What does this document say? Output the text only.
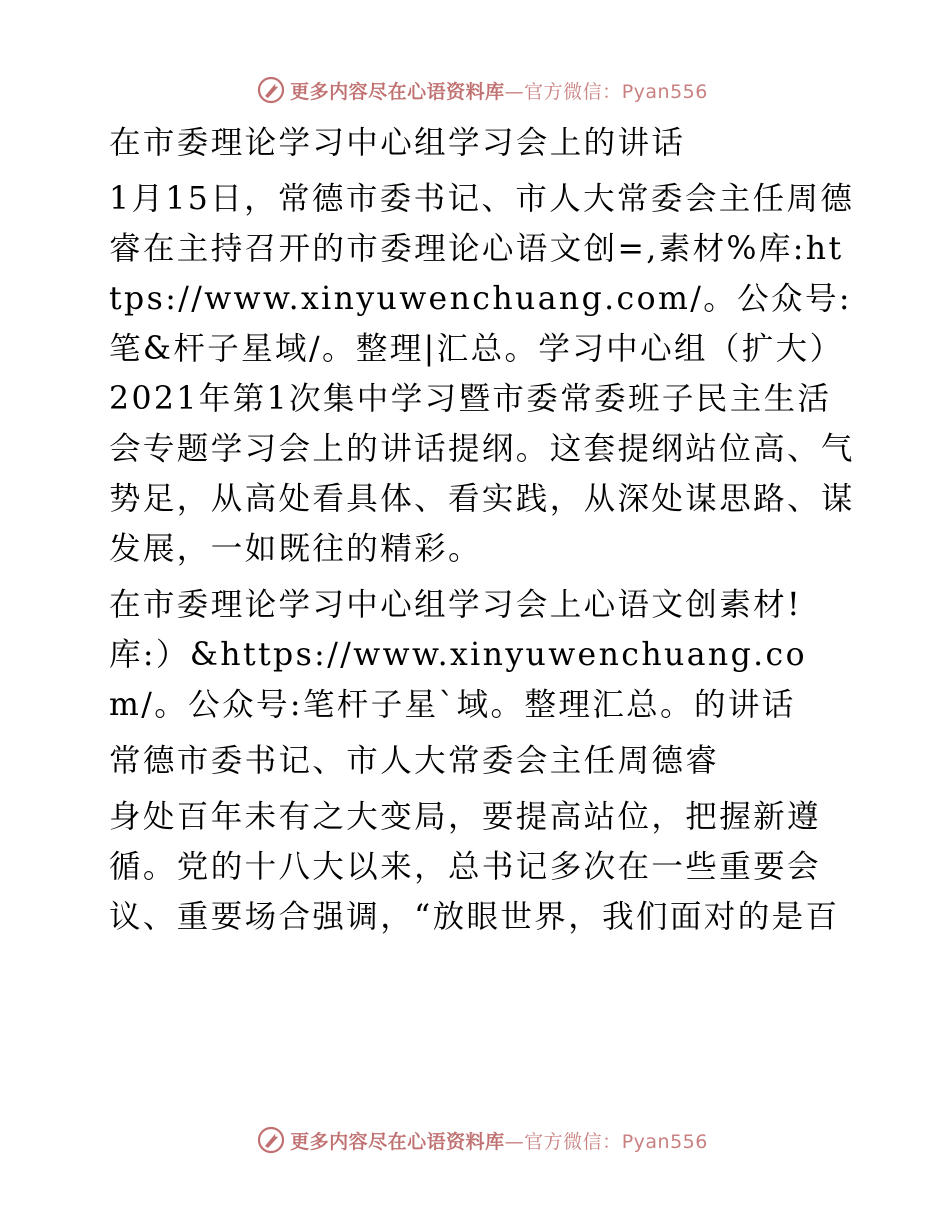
更多内容尽在心语资料库—官方微信：Pyan556

在市委理论学习中心组学习会上的讲话

1月15日，常德市委书记、市人大常委会主任周德睿在主持召开的市委理论心语文创=,素材%库:https://www.xinyuwenchuang.com/。公众号:笔&杆子星域/。整理|汇总。学习中心组（扩大）2021年第1次集中学习暨市委常委班子民主生活会专题学习会上的讲话提纲。这套提纲站位高、气势足，从高处看具体、看实践，从深处谋思路、谋发展，一如既往的精彩。

在市委理论学习中心组学习会上心语文创素材!库:）&https://www.xinyuwenchuang.com/。公众号:笔杆子星`域。整理汇总。的讲话

常德市委书记、市人大常委会主任周德睿

身处百年未有之大变局，要提高站位，把握新遵循。党的十八大以来，总书记多次在一些重要会议、重要场合强调，“放眼世界，我们面对的是百

更多内容尽在心语资料库—官方微信：Pyan556
